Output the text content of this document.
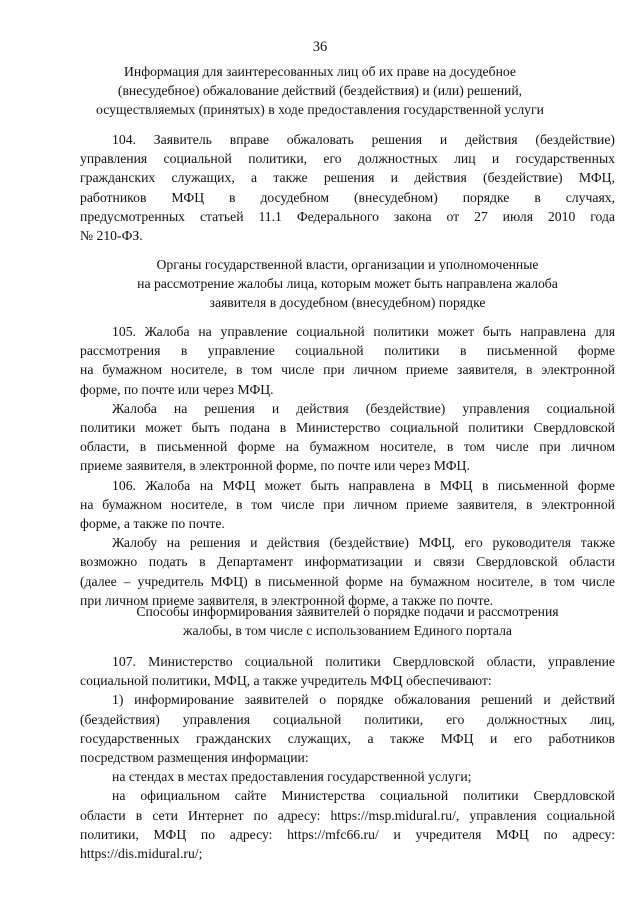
36

Информация для заинтересованных лиц об их праве на досудебное

(внесудебное) обжалование действий (бездействия) и (или) решений,

осуществляемых (принятых) в ходе предоставления государственной услуги

104. Заявитель вправе обжаловать решения и действия (бездействие)

управления социальной политики, его должностных лиц и государственных

гражданских служащих, а также решения и действия (бездействие) МФЦ,

работников МФЦ в досудебном (внесудебном) порядке в случаях,

предусмотренных статьей 11.1 Федерального закона от 27 июля 2010 года

№ 210-ФЗ.

Органы государственной власти, организации и уполномоченные

на рассмотрение жалобы лица, которым может быть направлена жалоба

заявителя в досудебном (внесудебном) порядке

105. Жалоба на управление социальной политики может быть направлена для

рассмотрения в управление социальной политики в письменной форме

на бумажном носителе, в том числе при личном приеме заявителя, в электронной

форме, по почте или через МФЦ.

Жалоба на решения и действия (бездействие) управления социальной

политики может быть подана в Министерство социальной политики Свердловской

области, в письменной форме на бумажном носителе, в том числе при личном

приеме заявителя, в электронной форме, по почте или через МФЦ.

106. Жалоба на МФЦ может быть направлена в МФЦ в письменной форме

на бумажном носителе, в том числе при личном приеме заявителя, в электронной

форме, а также по почте.

Жалобу на решения и действия (бездействие) МФЦ, его руководителя также

возможно подать в Департамент информатизации и связи Свердловской области

(далее – учредитель МФЦ) в письменной форме на бумажном носителе, в том числе

при личном приеме заявителя, в электронной форме, а также по почте.

Способы информирования заявителей о порядке подачи и рассмотрения

жалобы, в том числе с использованием Единого портала

107. Министерство социальной политики Свердловской области, управление

социальной политики, МФЦ, а также учредитель МФЦ обеспечивают:

1) информирование заявителей о порядке обжалования решений и действий

(бездействия) управления социальной политики, его должностных лиц,

государственных гражданских служащих, а также МФЦ и его работников

посредством размещения информации:

на стендах в местах предоставления государственной услуги;

на официальном сайте Министерства социальной политики Свердловской

области в сети Интернет по адресу: https://msp.midural.ru/, управления социальной

политики, МФЦ по адресу: https://mfc66.ru/ и учредителя МФЦ по адресу:

https://dis.midural.ru/;
